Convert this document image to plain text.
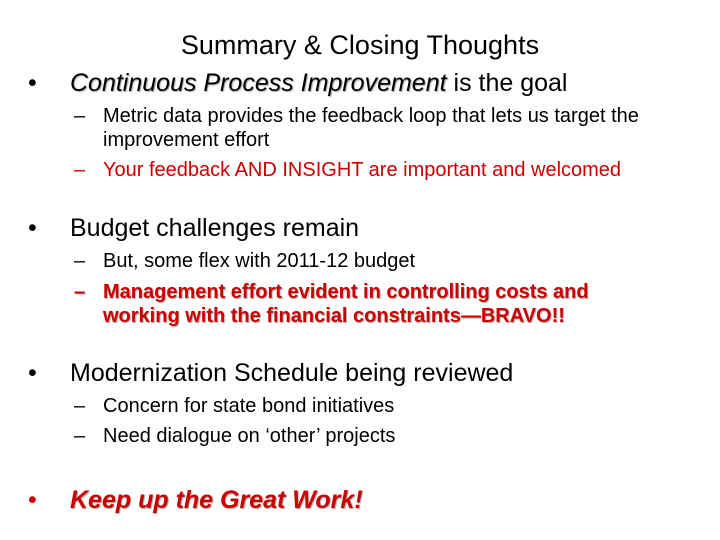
Summary & Closing Thoughts
• Continuous Process Improvement is the goal
– Metric data provides the feedback loop that lets us target the improvement effort
– Your feedback AND INSIGHT are important and welcomed
• Budget challenges remain
– But, some flex with 2011-12 budget
– Management effort evident in controlling costs and working with the financial constraints—BRAVO!!
• Modernization Schedule being reviewed
– Concern for state bond initiatives
– Need dialogue on ‘other’ projects
• Keep up the Great Work!
